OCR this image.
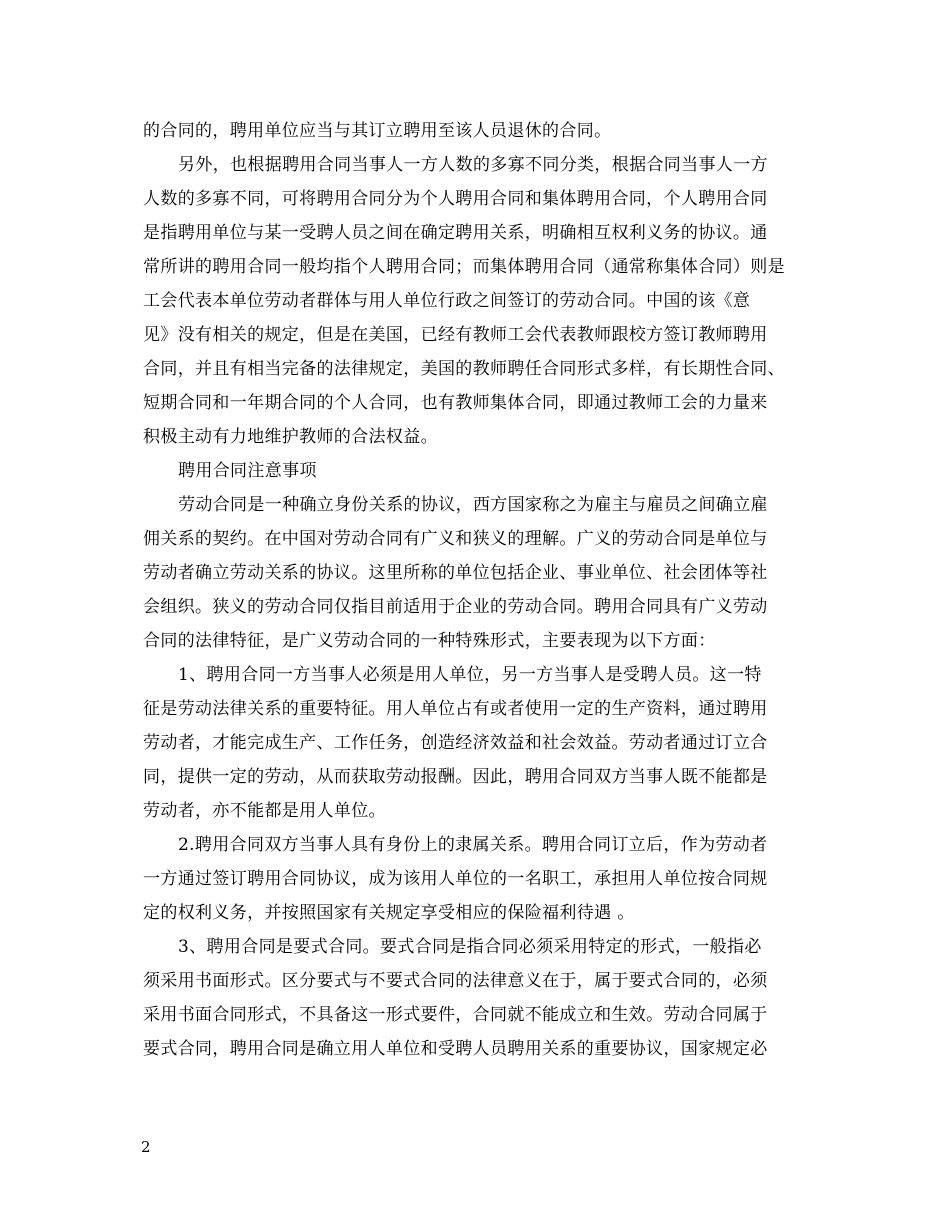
的合同的，聘用单位应当与其订立聘用至该人员退休的合同。
另外，也根据聘用合同当事人一方人数的多寡不同分类，根据合同当事人一方
人数的多寡不同，可将聘用合同分为个人聘用合同和集体聘用合同，个人聘用合同
是指聘用单位与某一受聘人员之间在确定聘用关系，明确相互权利义务的协议。通
常所讲的聘用合同一般均指个人聘用合同；而集体聘用合同（通常称集体合同）则是
工会代表本单位劳动者群体与用人单位行政之间签订的劳动合同。中国的该《意
见》没有相关的规定，但是在美国，已经有教师工会代表教师跟校方签订教师聘用
合同，并且有相当完备的法律规定，美国的教师聘任合同形式多样，有长期性合同、
短期合同和一年期合同的个人合同，也有教师集体合同，即通过教师工会的力量来
积极主动有力地维护教师的合法权益。
聘用合同注意事项
劳动合同是一种确立身份关系的协议，西方国家称之为雇主与雇员之间确立雇
佣关系的契约。在中国对劳动合同有广义和狭义的理解。广义的劳动合同是单位与
劳动者确立劳动关系的协议。这里所称的单位包括企业、事业单位、社会团体等社
会组织。狭义的劳动合同仅指目前适用于企业的劳动合同。聘用合同具有广义劳动
合同的法律特征，是广义劳动合同的一种特殊形式，主要表现为以下方面：
1、聘用合同一方当事人必须是用人单位，另一方当事人是受聘人员。这一特
征是劳动法律关系的重要特征。用人单位占有或者使用一定的生产资料，通过聘用
劳动者，才能完成生产、工作任务，创造经济效益和社会效益。劳动者通过订立合
同，提供一定的劳动，从而获取劳动报酬。因此，聘用合同双方当事人既不能都是
劳动者，亦不能都是用人单位。
2.聘用合同双方当事人具有身份上的隶属关系。聘用合同订立后，作为劳动者
一方通过签订聘用合同协议，成为该用人单位的一名职工，承担用人单位按合同规
定的权利义务，并按照国家有关规定享受相应的保险福利待遇 。
3、聘用合同是要式合同。要式合同是指合同必须采用特定的形式，一般指必
须采用书面形式。区分要式与不要式合同的法律意义在于，属于要式合同的，必须
采用书面合同形式，不具备这一形式要件，合同就不能成立和生效。劳动合同属于
要式合同，聘用合同是确立用人单位和受聘人员聘用关系的重要协议，国家规定必
2
